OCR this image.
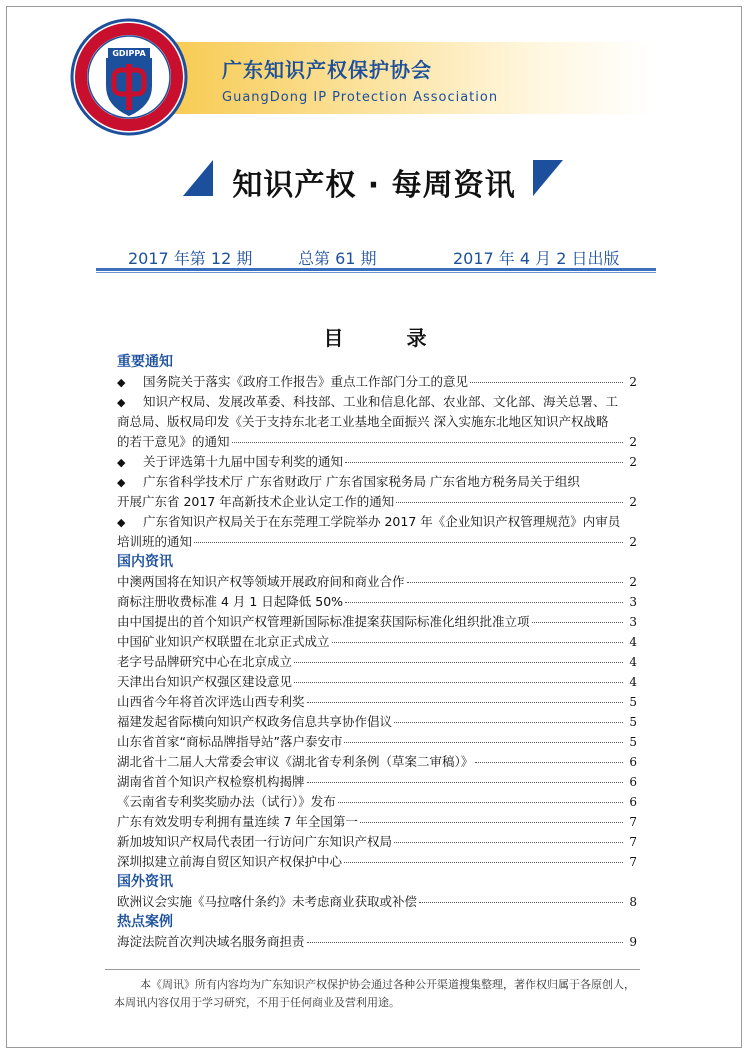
GDIPPA
广东知识产权保护协会
GuangDong IP Protection Association
知识产权 · 每周资讯
2017 年第 12 期	总第 61 期	2017 年 4 月 2 日出版
目 录
重要通知
◆	国务院关于落实《政府工作报告》重点工作部门分工的意见	2
◆	知识产权局、发展改革委、科技部、工业和信息化部、农业部、文化部、海关总署、工
商总局、版权局印发《关于支持东北老工业基地全面振兴 深入实施东北地区知识产权战略
的若干意见》的通知	2
◆	关于评选第十九届中国专利奖的通知	2
◆	广东省科学技术厅 广东省财政厅 广东省国家税务局 广东省地方税务局关于组织
开展广东省 2017 年高新技术企业认定工作的通知	2
◆	广东省知识产权局关于在东莞理工学院举办 2017 年《企业知识产权管理规范》内审员
培训班的通知	2
国内资讯
中澳两国将在知识产权等领域开展政府间和商业合作	2
商标注册收费标准 4 月 1 日起降低 50%	3
由中国提出的首个知识产权管理新国际标准提案获国际标准化组织批准立项	3
中国矿业知识产权联盟在北京正式成立	4
老字号品牌研究中心在北京成立	4
天津出台知识产权强区建设意见	4
山西省今年将首次评选山西专利奖	5
福建发起省际横向知识产权政务信息共享协作倡议	5
山东省首家“商标品牌指导站”落户泰安市	5
湖北省十二届人大常委会审议《湖北省专利条例（草案二审稿）》	6
湖南省首个知识产权检察机构揭牌	6
《云南省专利奖奖励办法（试行）》发布	6
广东有效发明专利拥有量连续 7 年全国第一	7
新加坡知识产权局代表团一行访问广东知识产权局	7
深圳拟建立前海自贸区知识产权保护中心	7
国外资讯
欧洲议会实施《马拉喀什条约》未考虑商业获取或补偿	8
热点案例
海淀法院首次判决域名服务商担责	9
本《周讯》所有内容均为广东知识产权保护协会通过各种公开渠道搜集整理，著作权归属于各原创人，本周讯内容仅用于学习研究，不用于任何商业及营利用途。
